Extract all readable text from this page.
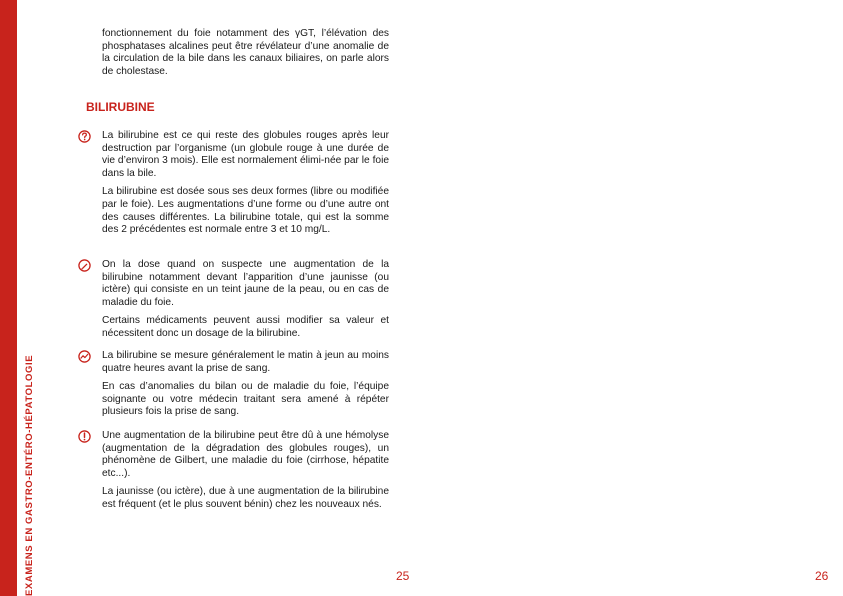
EXAMENS EN GASTRO-ENTÉRO-HÉPATOLOGIE

fonctionnement du foie notamment des γGT, l’élévation des phosphatases alcalines peut être révélateur d’une anomalie de la circulation de la bile dans les canaux biliaires, on parle alors de cholestase.

BILIRUBINE

La bilirubine est ce qui reste des globules rouges après leur destruction par l’organisme (un globule rouge à une durée de vie d’environ 3 mois). Elle est normalement élimi-née par le foie dans la bile.

La bilirubine est dosée sous ses deux formes (libre ou modifiée par le foie). Les augmentations d’une forme ou d’une autre ont des causes différentes. La bilirubine totale, qui est la somme des 2 précédentes est normale entre 3 et 10 mg/L.

On la dose quand on suspecte une augmentation de la bilirubine notamment devant l’apparition d’une jaunisse (ou ictère) qui consiste en un teint jaune de la peau, ou en cas de maladie du foie.

Certains médicaments peuvent aussi modifier sa valeur et nécessitent donc un dosage de la bilirubine.

La bilirubine se mesure généralement le matin à jeun au moins quatre heures avant la prise de sang.

En cas d’anomalies du bilan ou de maladie du foie, l’équipe soignante ou votre médecin traitant sera amené à répéter plusieurs fois la prise de sang.

Une augmentation de la bilirubine peut être dû à une hémolyse (augmentation de la dégradation des globules rouges), un phénomène de Gilbert, une maladie du foie (cirrhose, hépatite etc...).

La jaunisse (ou ictère), due à une augmentation de la bilirubine est fréquent (et le plus souvent bénin) chez les nouveaux nés.

25	26
